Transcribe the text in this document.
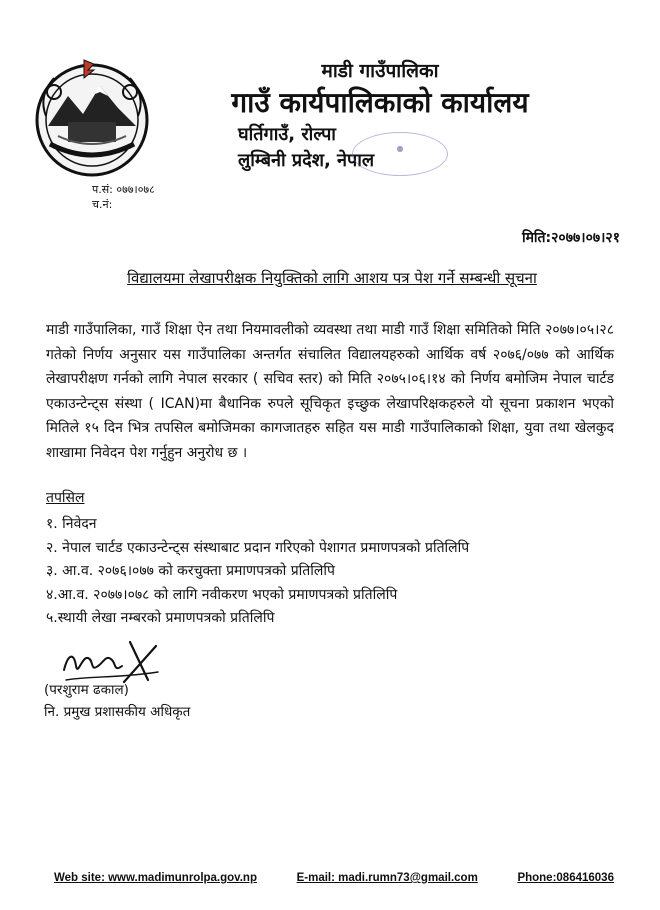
माडी गाउँपालिका

गाउँ कार्यपालिकाको कार्यालय

घर्तिगाउँ, रोल्पा

लुम्बिनी प्रदेश, नेपाल

●
प.सं: ०७७।०७८
च.नं:
मिति:२०७७।०७।२१
विद्यालयमा लेखापरीक्षक नियुक्तिको लागि आशय पत्र पेश गर्ने सम्बन्धी सूचना

माडी गाउँपालिका, गाउँ शिक्षा ऐन तथा नियमावलीको व्यवस्था तथा माडी गाउँ शिक्षा समितिको मिति २०७७।०५।२८ गतेको निर्णय अनुसार यस गाउँपालिका अन्तर्गत संचालित विद्यालयहरुको आर्थिक वर्ष २०७६/०७७ को आर्थिक लेखापरीक्षण गर्नको लागि नेपाल सरकार ( सचिव स्तर) को मिति २०७५।०६।१४ को निर्णय बमोजिम नेपाल चार्टड एकाउन्टेन्ट्स संस्था ( ICAN)मा बैधानिक रुपले सूचिकृत इच्छुक लेखापरिक्षकहरुले यो सूचना प्रकाशन भएको मितिले १५ दिन भित्र तपसिल बमोजिमका कागजातहरु सहित यस माडी गाउँपालिकाको शिक्षा, युवा तथा खेलकुद शाखामा निवेदन पेश गर्नुहुन अनुरोध छ ।

तपसिल
१. निवेदन
२. नेपाल चार्टड एकाउन्टेन्ट्स संस्थाबाट प्रदान गरिएको पेशागत प्रमाणपत्रको प्रतिलिपि
३. आ.व. २०७६।०७७ को करचुक्ता प्रमाणपत्रको प्रतिलिपि
४.आ.व. २०७७।०७८ को लागि नवीकरण भएको प्रमाणपत्रको प्रतिलिपि
५.स्थायी लेखा नम्बरको प्रमाणपत्रको प्रतिलिपि
(परशुराम ढकाल)
नि. प्रमुख प्रशासकीय अधिकृत
Web site: www.madimunrolpa.gov.np	E-mail: madi.rumn73@gmail.com	Phone:086416036
